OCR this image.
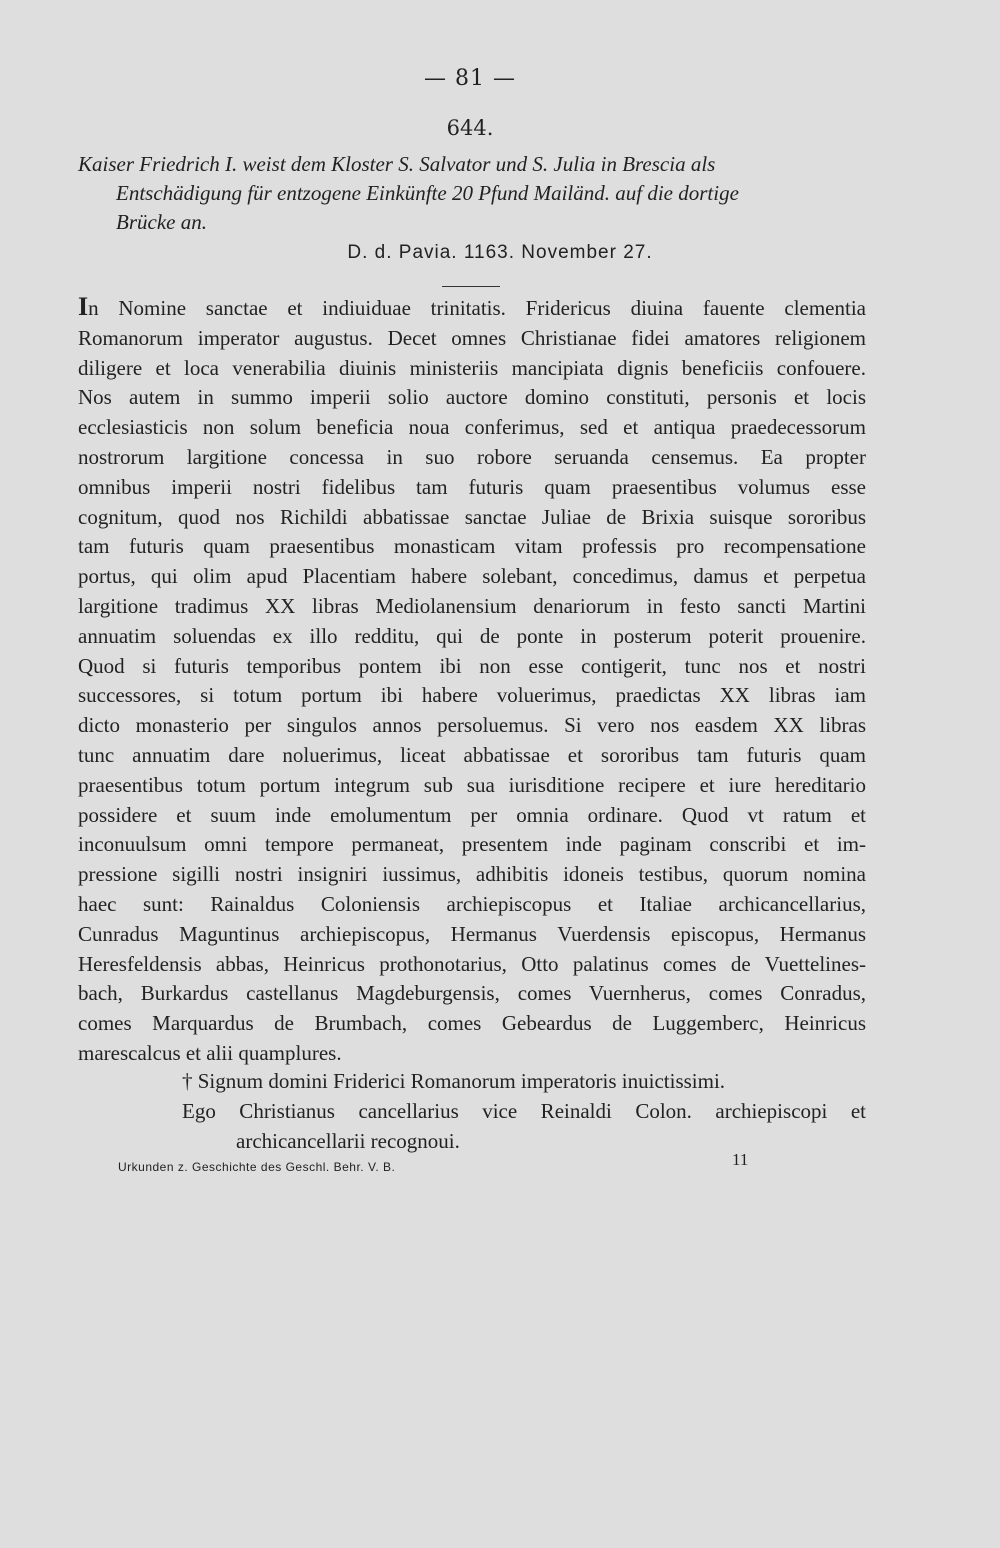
— 81 —
644.
Kaiser Friedrich I. weist dem Kloster S. Salvator und S. Julia in Brescia als
Entschädigung für entzogene Einkünfte 20 Pfund Mailänd. auf die dortige
Brücke an.
D. d. Pavia. 1163. November 27.
In Nomine sanctae et indiuiduae trinitatis. Fridericus diuina fauente clementia
Romanorum imperator augustus. Decet omnes Christianae fidei amatores religionem
diligere et loca venerabilia diuinis ministeriis mancipiata dignis beneficiis confouere.
Nos autem in summo imperii solio auctore domino constituti, personis et locis
ecclesiasticis non solum beneficia noua conferimus, sed et antiqua praedecessorum
nostrorum largitione concessa in suo robore seruanda censemus. Ea propter
omnibus imperii nostri fidelibus tam futuris quam praesentibus volumus esse
cognitum, quod nos Richildi abbatissae sanctae Juliae de Brixia suisque sororibus
tam futuris quam praesentibus monasticam vitam professis pro recompensatione
portus, qui olim apud Placentiam habere solebant, concedimus, damus et perpetua
largitione tradimus XX libras Mediolanensium denariorum in festo sancti Martini
annuatim soluendas ex illo redditu, qui de ponte in posterum poterit prouenire.
Quod si futuris temporibus pontem ibi non esse contigerit, tunc nos et nostri
successores, si totum portum ibi habere voluerimus, praedictas XX libras iam
dicto monasterio per singulos annos persoluemus. Si vero nos easdem XX libras
tunc annuatim dare noluerimus, liceat abbatissae et sororibus tam futuris quam
praesentibus totum portum integrum sub sua iurisditione recipere et iure hereditario
possidere et suum inde emolumentum per omnia ordinare. Quod vt ratum et
inconuulsum omni tempore permaneat, presentem inde paginam conscribi et im-
pressione sigilli nostri insigniri iussimus, adhibitis idoneis testibus, quorum nomina
haec sunt: Rainaldus Coloniensis archiepiscopus et Italiae archicancellarius,
Cunradus Maguntinus archiepiscopus, Hermanus Vuerdensis episcopus, Hermanus
Heresfeldensis abbas, Heinricus prothonotarius, Otto palatinus comes de Vuettelines-
bach, Burkardus castellanus Magdeburgensis, comes Vuernherus, comes Conradus,
comes Marquardus de Brumbach, comes Gebeardus de Luggemberc, Heinricus
marescalcus et alii quamplures.
† Signum domini Friderici Romanorum imperatoris inuictissimi.
Ego Christianus cancellarius vice Reinaldi Colon. archiepiscopi et
archicancellarii recognoui.
Urkunden z. Geschichte des Geschl. Behr. V. B.	11
